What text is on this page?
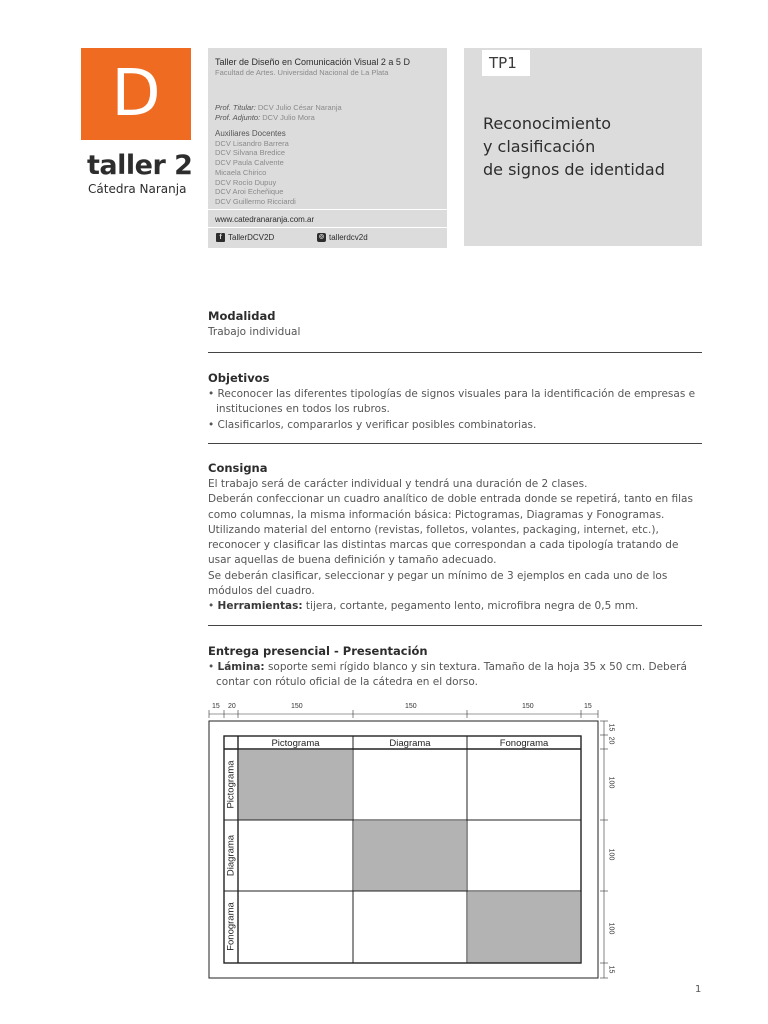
D
taller 2
Cátedra Naranja
Taller de Diseño en Comunicación Visual 2 a 5 D
Facultad de Artes. Universidad Nacional de La Plata
Prof. Titular: DCV Julio César Naranja
Prof. Adjunto: DCV Julio Mora
Auxiliares Docentes
DCV Lisandro Barrera
DCV Silvana Bredice
DCV Paula Calvente
Micaela Chirico
DCV Rocío Dupuy
DCV Aroi Echeñique
DCV Guillermo Ricciardi
www.catedranaranja.com.ar
f TallerDCV2D	◎ tallerdcv2d
TP1
Reconocimiento
y clasificación
de signos de identidad
Modalidad
Trabajo individual
Objetivos
• Reconocer las diferentes tipologías de signos visuales para la identificación de empresas e
instituciones en todos los rubros.
• Clasificarlos, compararlos y verificar posibles combinatorias.
Consigna
El trabajo será de carácter individual y tendrá una duración de 2 clases.
Deberán confeccionar un cuadro analítico de doble entrada donde se repetirá, tanto en filas
como columnas, la misma información básica: Pictogramas, Diagramas y Fonogramas.
Utilizando material del entorno (revistas, folletos, volantes, packaging, internet, etc.),
reconocer y clasificar las distintas marcas que correspondan a cada tipología tratando de
usar aquellas de buena definición y tamaño adecuado.
Se deberán clasificar, seleccionar y pegar un mínimo de 3 ejemplos en cada uno de los
módulos del cuadro.
• Herramientas: tijera, cortante, pegamento lento, microfibra negra de 0,5 mm.
Entrega presencial - Presentación
• Lámina: soporte semi rígido blanco y sin textura. Tamaño de la hoja 35 x 50 cm. Deberá
contar con rótulo oficial de la cátedra en el dorso.
15 20	150	150	150	15
15
20
100
100
100
15
Pictograma	Diagrama	Fonograma
Pictograma
Diagrama
Fonograma
1
